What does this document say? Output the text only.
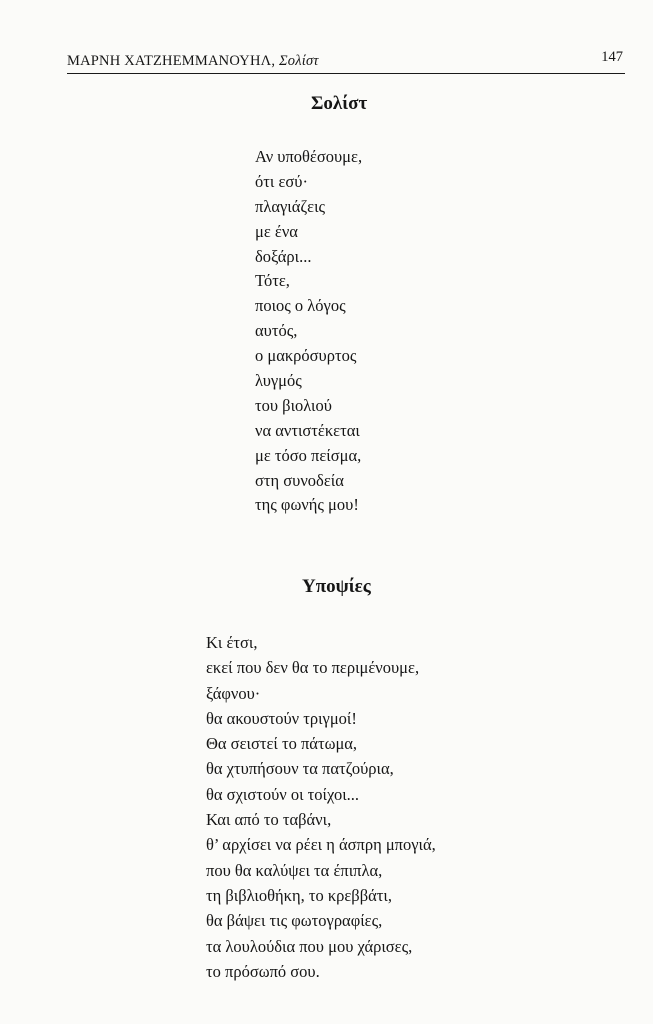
ΜΑΡΝΗ ΧΑΤΖΗΕΜΜΑΝΟΥΗΛ, Σολίστ	147
Σολίστ
Αν υποθέσουμε,
ότι εσύ·
πλαγιάζεις
με ένα
δοξάρι...
Τότε,
ποιος ο λόγος
αυτός,
ο μακρόσυρτος
λυγμός
του βιολιού
να αντιστέκεται
με τόσο πείσμα,
στη συνοδεία
της φωνής μου!
Υποψίες
Κι έτσι,
εκεί που δεν θα το περιμένουμε,
ξάφνου·
θα ακουστούν τριγμοί!
Θα σειστεί το πάτωμα,
θα χτυπήσουν τα πατζούρια,
θα σχιστούν οι τοίχοι...
Και από το ταβάνι,
θ’ αρχίσει να ρέει η άσπρη μπογιά,
που θα καλύψει τα έπιπλα,
τη βιβλιοθήκη, το κρεββάτι,
θα βάψει τις φωτογραφίες,
τα λουλούδια που μου χάρισες,
το πρόσωπό σου.
